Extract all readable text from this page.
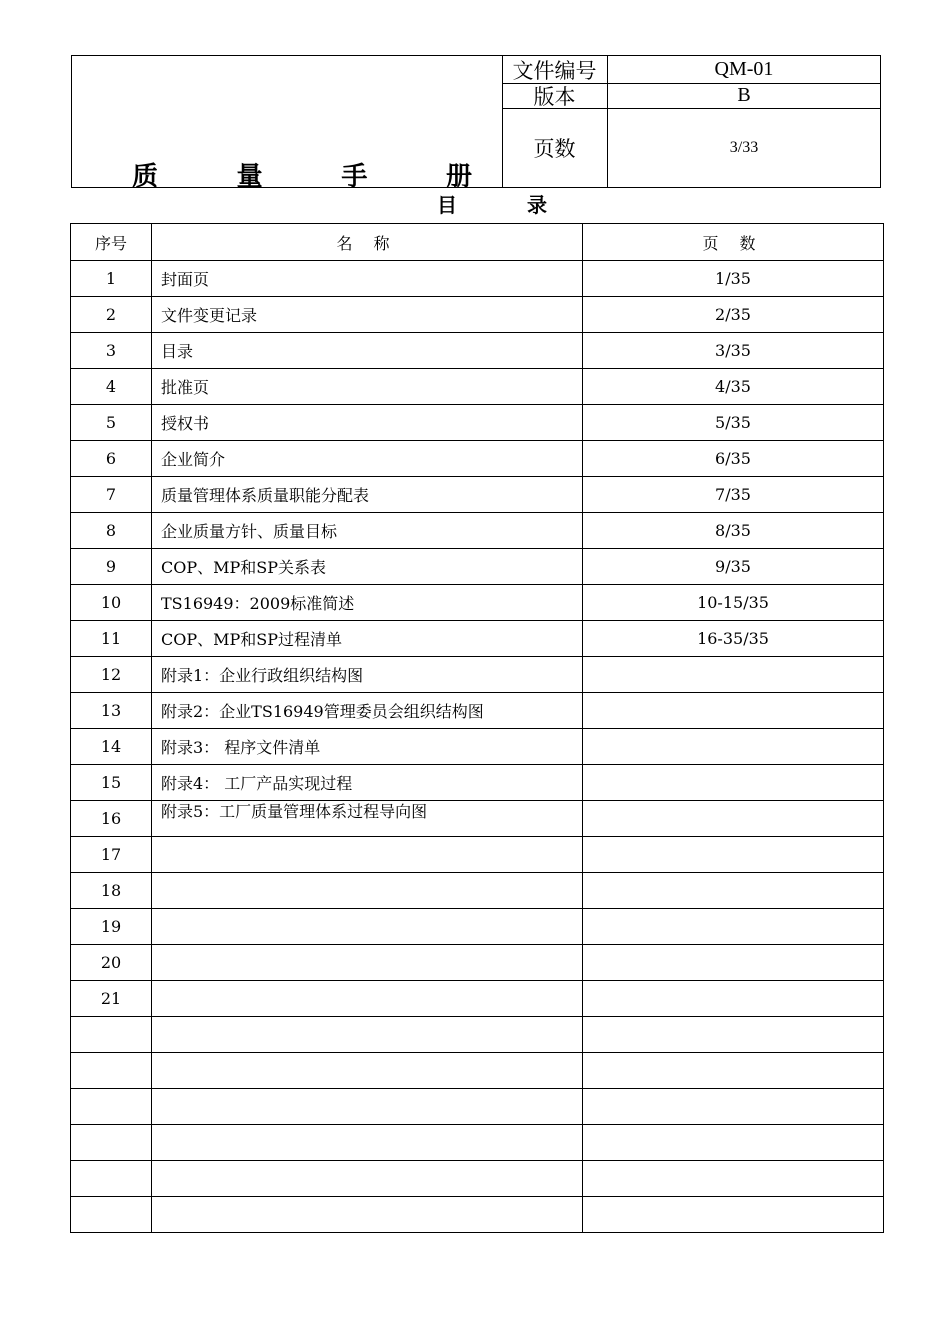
质	量	手	册
文件编号	QM-01
版本	B
页数	3/33
目	录
序号	名 称	页 数
1	封面页	1/35
2	文件变更记录	2/35
3	目录	3/35
4	批准页	4/35
5	授权书	5/35
6	企业简介	6/35
7	质量管理体系质量职能分配表	7/35
8	企业质量方针、质量目标	8/35
9	COP、MP和SP关系表	9/35
10	TS16949：2009标准简述	10-15/35
11	COP、MP和SP过程清单	16-35/35
12	附录1：企业行政组织结构图	
13	附录2：企业TS16949管理委员会组织结构图	
14	附录3： 程序文件清单	
15	附录4： 工厂产品实现过程	
16	附录5：工厂质量管理体系过程导向图	
17		
18		
19		
20		
21		
